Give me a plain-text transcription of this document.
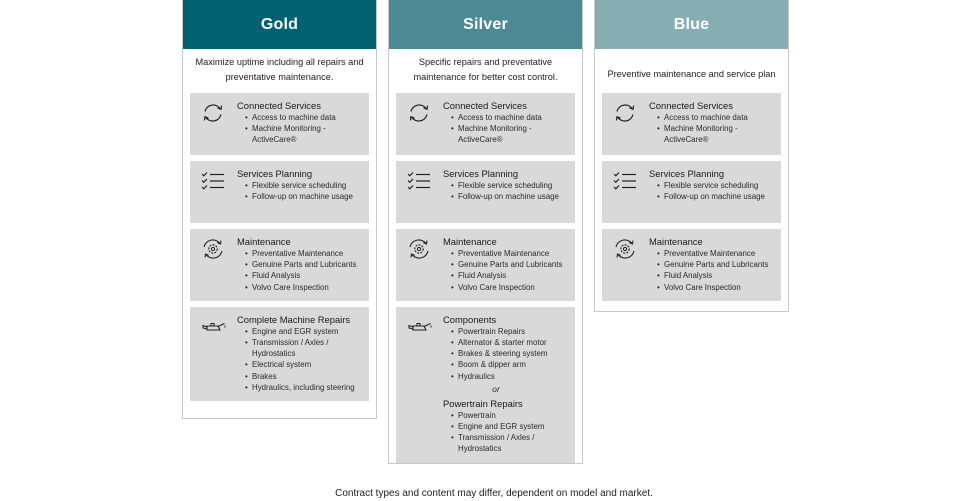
Gold
Maximize uptime including all repairs and preventative maintenance.
Connected Services
• Access to machine data
• Machine Monitoring - ActiveCare®
Services Planning
• Flexible service scheduling
• Follow-up on machine usage
Maintenance
• Preventative Maintenance
• Genuine Parts and Lubricants
• Fluid Analysis
• Volvo Care Inspection
Complete Machine Repairs
• Engine and EGR system
• Transmission / Axles / Hydrostatics
• Electrical system
• Brakes
• Hydraulics, including steering
Silver
Specific repairs and preventative maintenance for better cost control.
Connected Services
• Access to machine data
• Machine Monitoring - ActiveCare®
Services Planning
• Flexible service scheduling
• Follow-up on machine usage
Maintenance
• Preventative Maintenance
• Genuine Parts and Lubricants
• Fluid Analysis
• Volvo Care Inspection
Components
• Powertrain Repairs
• Alternator & starter motor
• Brakes & steering system
• Boom & dipper arm
• Hydraulics
or
Powertrain Repairs
• Powertrain
• Engine and EGR system
• Transmission / Axles / Hydrostatics
Blue
Preventive maintenance and service plan
Connected Services
• Access to machine data
• Machine Monitoring - ActiveCare®
Services Planning
• Flexible service scheduling
• Follow-up on machine usage
Maintenance
• Preventative Maintenance
• Genuine Parts and Lubricants
• Fluid Analysis
• Volvo Care Inspection
Contract types and content may differ, dependent on model and market.
